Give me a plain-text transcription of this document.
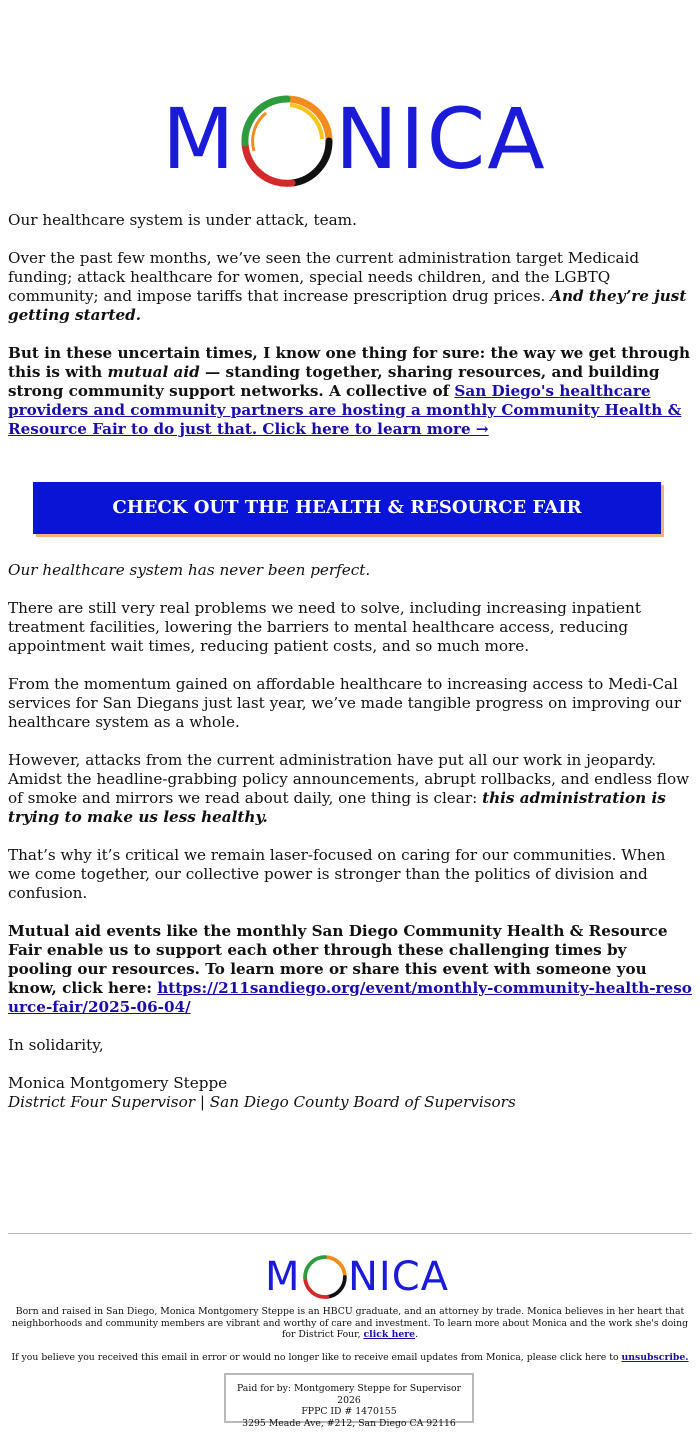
M NICA

Our healthcare system is under attack, team.

Over the past few months, we’ve seen the current administration target Medicaid funding; attack healthcare for women, special needs children, and the LGBTQ community; and impose tariffs that increase prescription drug prices. And they’re just getting started.

But in these uncertain times, I know one thing for sure: the way we get through this is with mutual aid — standing together, sharing resources, and building strong community support networks. A collective of San Diego's healthcare providers and community partners are hosting a monthly Community Health & Resource Fair to do just that. Click here to learn more →

CHECK OUT THE HEALTH & RESOURCE FAIR

Our healthcare system has never been perfect.

There are still very real problems we need to solve, including increasing inpatient treatment facilities, lowering the barriers to mental healthcare access, reducing appointment wait times, reducing patient costs, and so much more.

From the momentum gained on affordable healthcare to increasing access to Medi-Cal services for San Diegans just last year, we’ve made tangible progress on improving our healthcare system as a whole.

However, attacks from the current administration have put all our work in jeopardy. Amidst the headline-grabbing policy announcements, abrupt rollbacks, and endless flow of smoke and mirrors we read about daily, one thing is clear: this administration is trying to make us less healthy.

That’s why it’s critical we remain laser-focused on caring for our communities. When we come together, our collective power is stronger than the politics of division and confusion.

Mutual aid events like the monthly San Diego Community Health & Resource Fair enable us to support each other through these challenging times by pooling our resources. To learn more or share this event with someone you know, click here: https://211sandiego.org/event/monthly-community-health-resource-fair/2025-06-04/

In solidarity,

Monica Montgomery Steppe
District Four Supervisor | San Diego County Board of Supervisors

M NICA

Born and raised in San Diego, Monica Montgomery Steppe is an HBCU graduate, and an attorney by trade. Monica believes in her heart that neighborhoods and community members are vibrant and worthy of care and investment. To learn more about Monica and the work she's doing for District Four, click here.

If you believe you received this email in error or would no longer like to receive email updates from Monica, please click here to unsubscribe.

Paid for by: Montgomery Steppe for Supervisor 2026
FPPC ID # 1470155
3295 Meade Ave, #212, San Diego CA 92116
